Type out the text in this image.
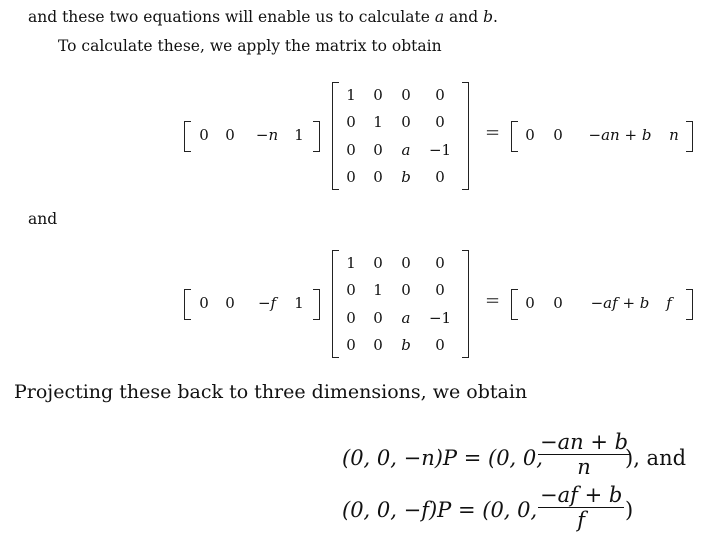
and these two equations will enable us to calculate a and b.
To calculate these, we apply the matrix to obtain
0	0	−n	1
1	0	0	0
0	1	0	0
0	0	a	−1
0	0	b	0
=	0	0	−an + b	n
and
0	0	−f	1
1	0	0	0
0	1	0	0
0	0	a	−1
0	0	b	0
=	0	0	−af + b	f
Projecting these back to three dimensions, we obtain
(0, 0, −n)P = (0, 0,
$\frac{-an + b}{n}$
), and
(0, 0, −f)P = (0, 0, $\frac{-af + b}{f}$ )
